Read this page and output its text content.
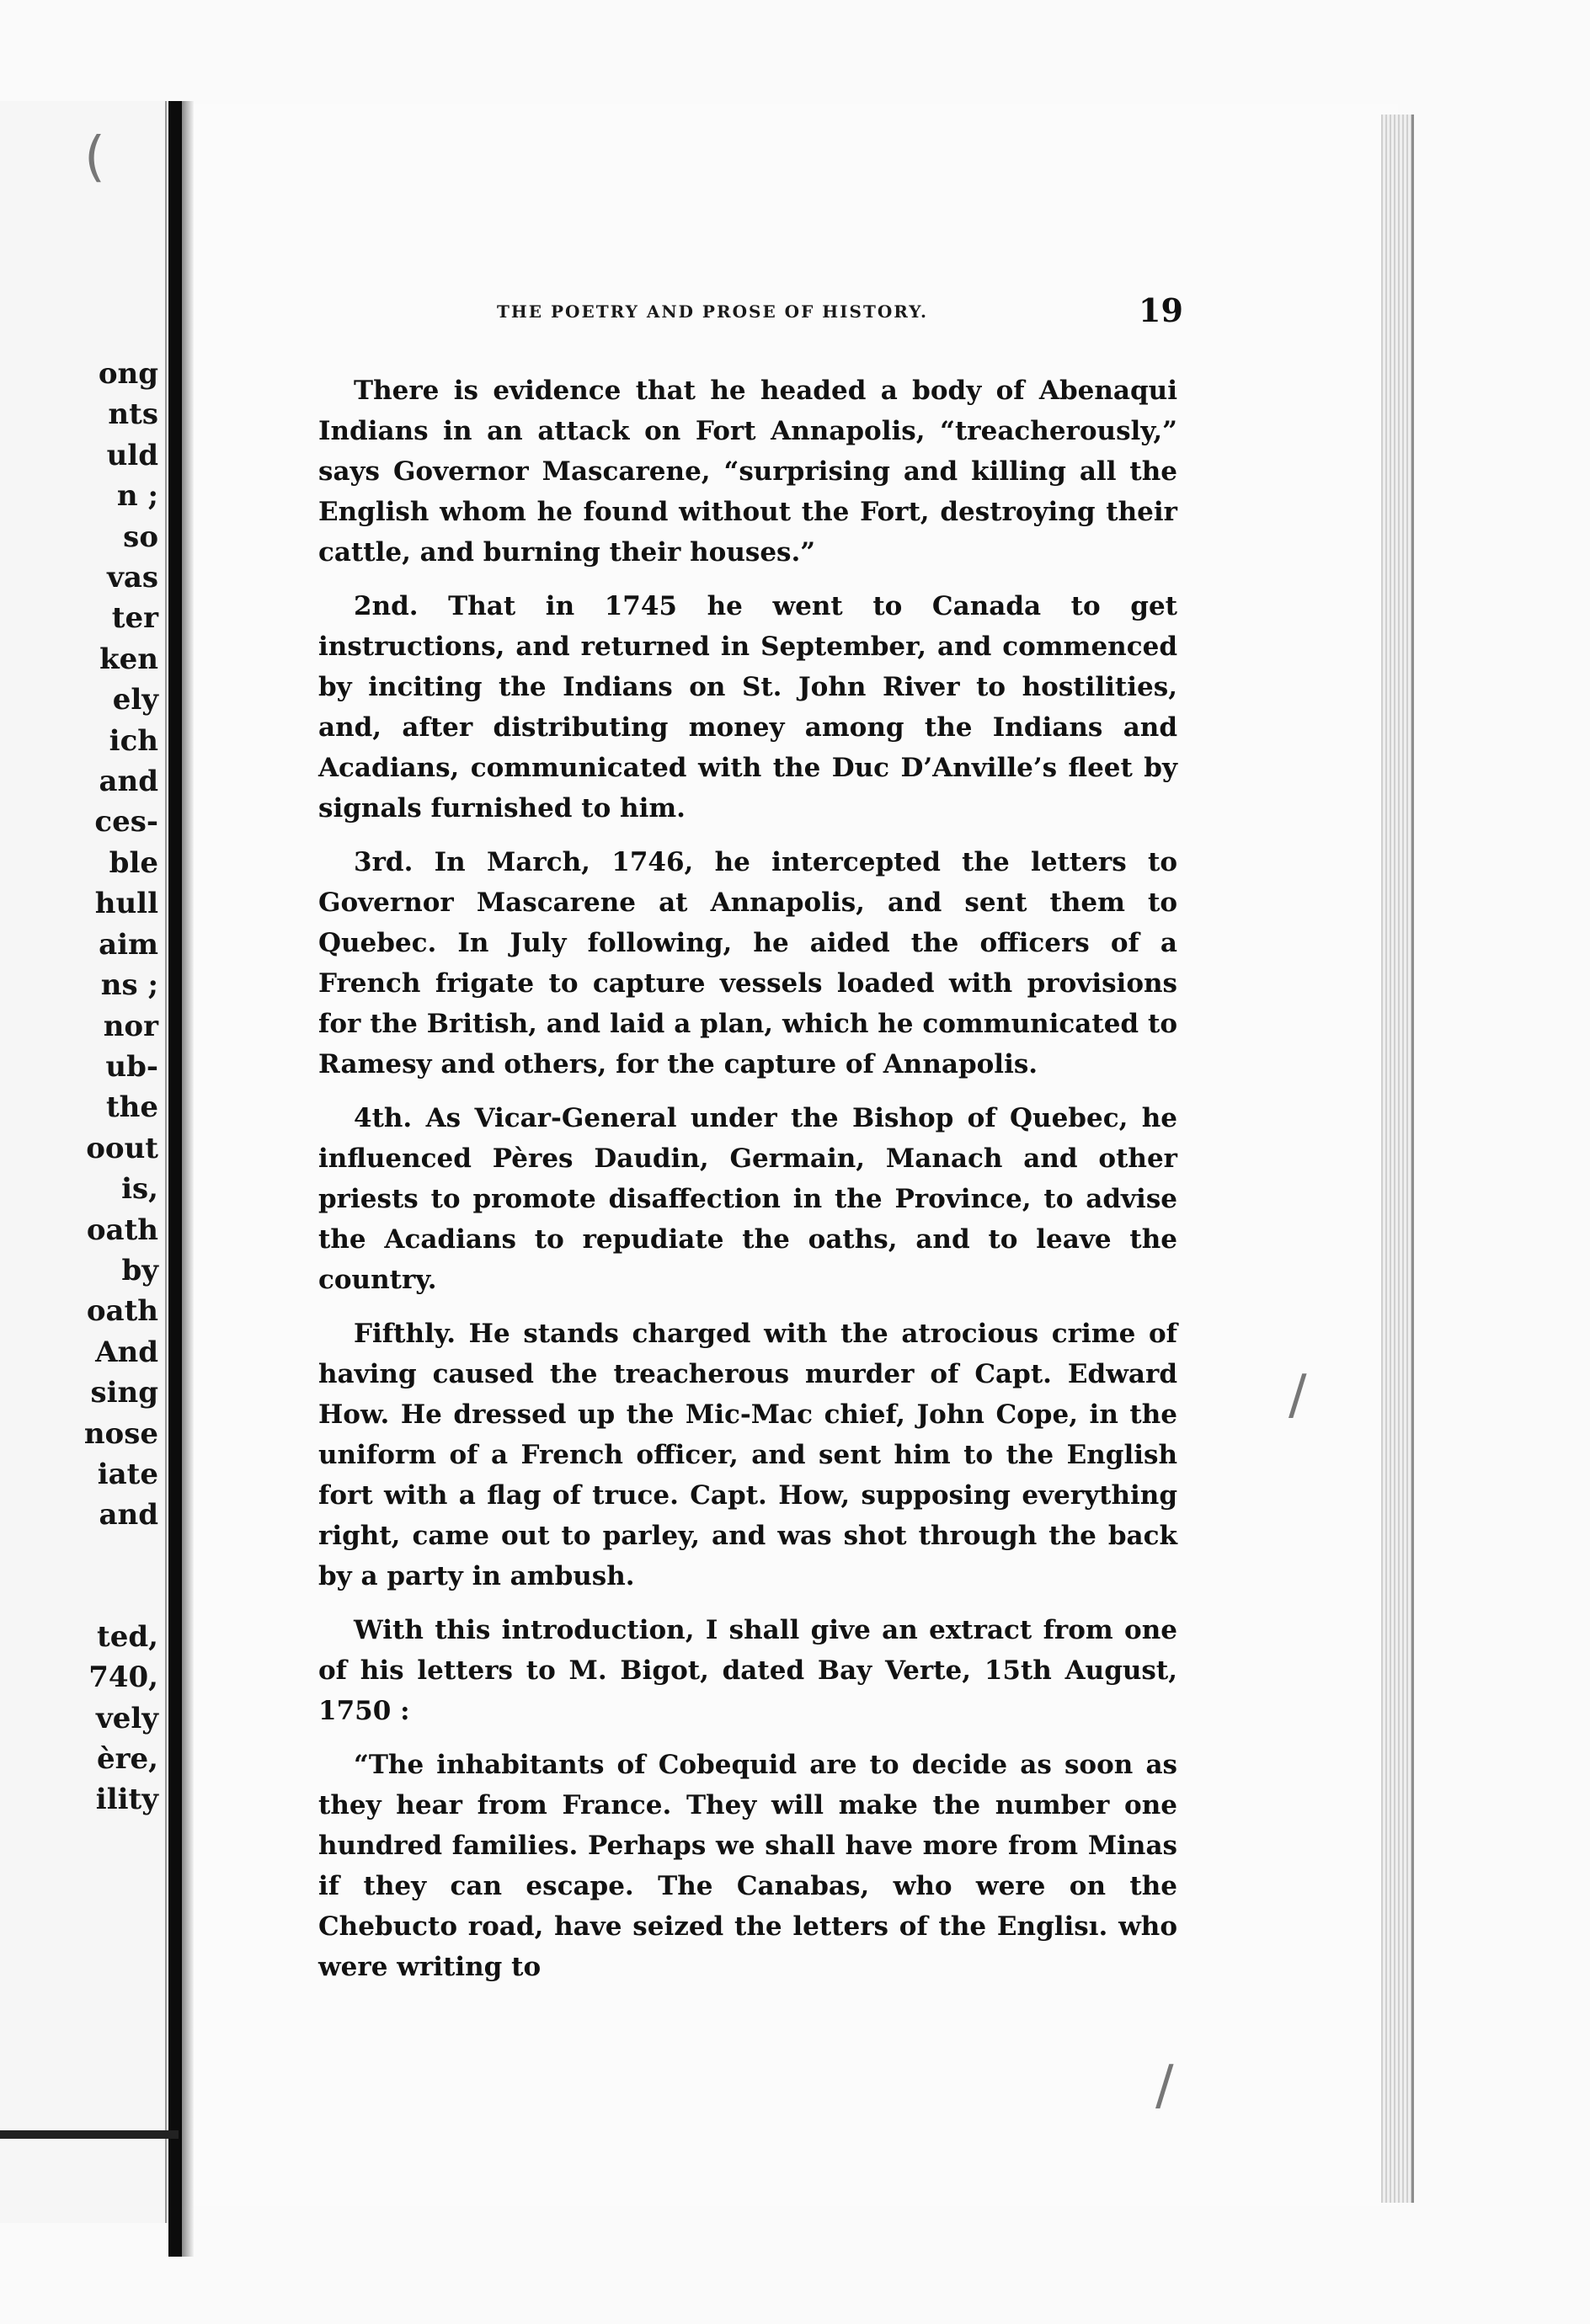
ong
nts
uld
n ;
so
vas
ter
ken
ely
ich
and
ces-
ble
hull
aim
ns ;
nor
ub-
the
oout
is,
oath
by
oath
And
sing
nose
iate
and
ted,
740,
vely
ère,
ility
THE POETRY AND PROSE OF HISTORY.	19

There is evidence that he headed a body of Abenaqui Indians in an attack on Fort Annapolis, “treacherously,” says Governor Mascarene, “surprising and killing all the English whom he found without the Fort, destroying their cattle, and burning their houses.”

2nd. That in 1745 he went to Canada to get instructions, and returned in September, and commenced by inciting the Indians on St. John River to hostilities, and, after distributing money among the Indians and Acadians, communicated with the Duc D’Anville’s fleet by signals furnished to him.

3rd. In March, 1746, he intercepted the letters to Governor Mascarene at Annapolis, and sent them to Quebec. In July following, he aided the officers of a French frigate to capture vessels loaded with provisions for the British, and laid a plan, which he communicated to Ramesy and others, for the capture of Annapolis.

4th. As Vicar-General under the Bishop of Quebec, he influenced Pères Daudin, Germain, Manach and other priests to promote disaffection in the Province, to advise the Acadians to repudiate the oaths, and to leave the country.

Fifthly. He stands charged with the atrocious crime of having caused the treacherous murder of Capt. Edward How. He dressed up the Mic-Mac chief, John Cope, in the uniform of a French officer, and sent him to the English fort with a flag of truce. Capt. How, supposing everything right, came out to parley, and was shot through the back by a party in ambush.

With this introduction, I shall give an extract from one of his letters to M. Bigot, dated Bay Verte, 15th August, 1750 :

“The inhabitants of Cobequid are to decide as soon as they hear from France. They will make the number one hundred families. Perhaps we shall have more from Minas if they can escape. The Canabas, who were on the Chebucto road, have seized the letters of the Englisı. who were writing to

(
/
/
